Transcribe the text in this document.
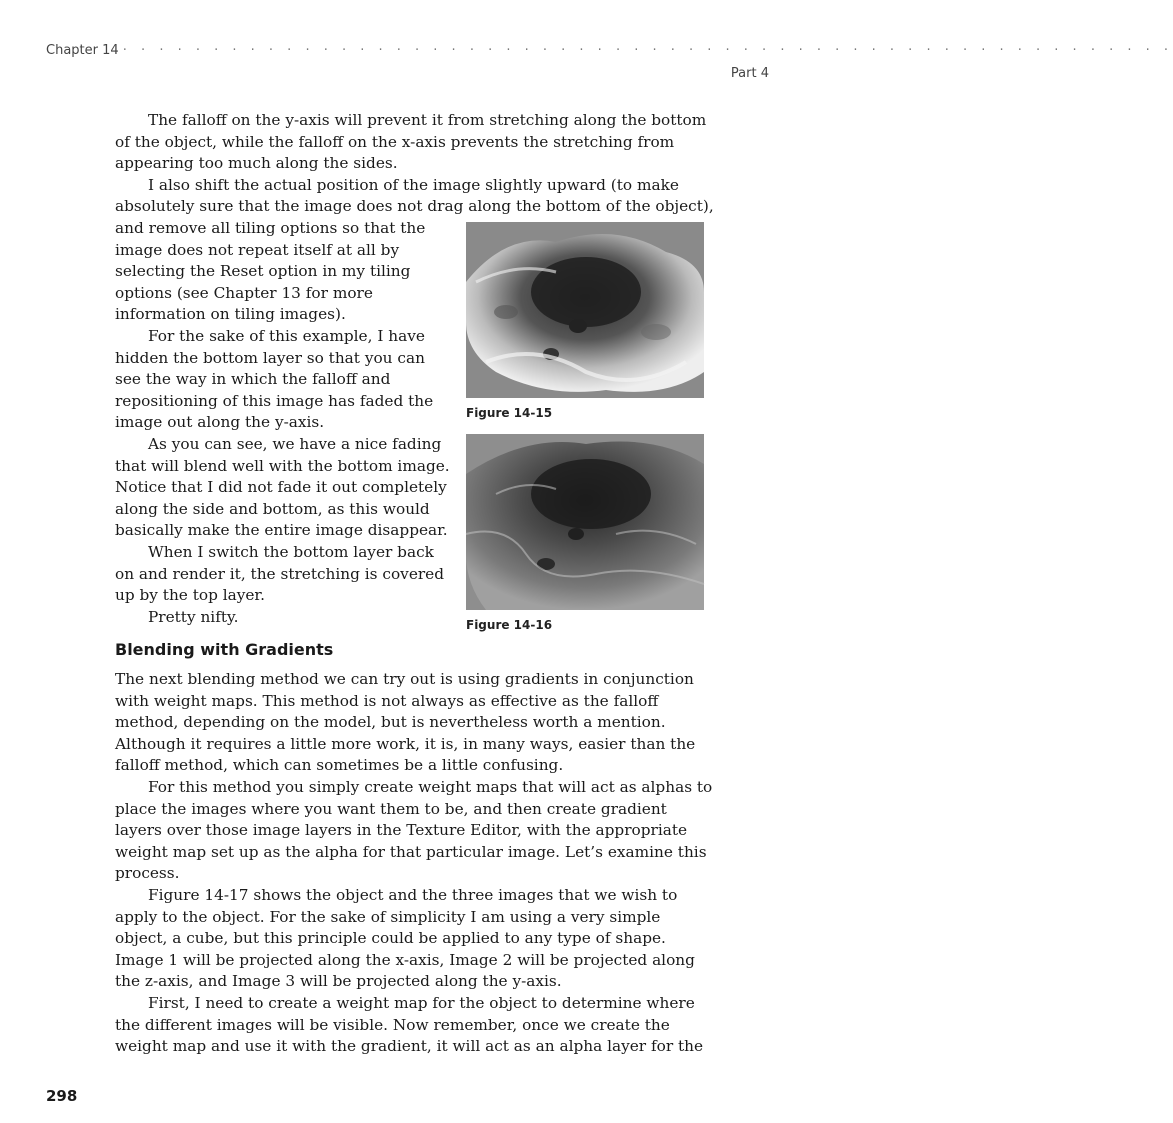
Chapter 14 · · · · · · · · · · · · · · · · · · · · · · · · · · · · · · · · · · · · · · · · · · · · · · · · · · · · · · · · · ·
Part 4

The falloff on the y-axis will prevent it from stretching along the bottom of the object, while the falloff on the x-axis prevents the stretching from appearing too much along the sides.

I also shift the actual position of the image slightly upward (to make absolutely sure that the image does not drag along the bottom of the object),

and remove all tiling options so that the image does not repeat itself at all by selecting the Reset option in my tiling options (see Chapter 13 for more information on tiling images).

For the sake of this example, I have hidden the bottom layer so that you can see the way in which the falloff and repositioning of this image has faded the image out along the y-axis.

As you can see, we have a nice fading that will blend well with the bottom image. Notice that I did not fade it out completely along the side and bottom, as this would basically make the entire image disappear.

When I switch the bottom layer back on and render it, the stretching is covered up by the top layer.

Pretty nifty.

Figure 14-15
Figure 14-16
Blending with Gradients

The next blending method we can try out is using gradients in conjunction with weight maps. This method is not always as effective as the falloff method, depending on the model, but is nevertheless worth a mention. Although it requires a little more work, it is, in many ways, easier than the falloff method, which can sometimes be a little confusing.

For this method you simply create weight maps that will act as alphas to place the images where you want them to be, and then create gradient layers over those image layers in the Texture Editor, with the appropriate weight map set up as the alpha for that particular image. Let’s examine this process.

Figure 14-17 shows the object and the three images that we wish to apply to the object. For the sake of simplicity I am using a very simple object, a cube, but this principle could be applied to any type of shape. Image 1 will be projected along the x-axis, Image 2 will be projected along the z-axis, and Image 3 will be projected along the y-axis.

First, I need to create a weight map for the object to determine where the different images will be visible. Now remember, once we create the weight map and use it with the gradient, it will act as an alpha layer for the

298
